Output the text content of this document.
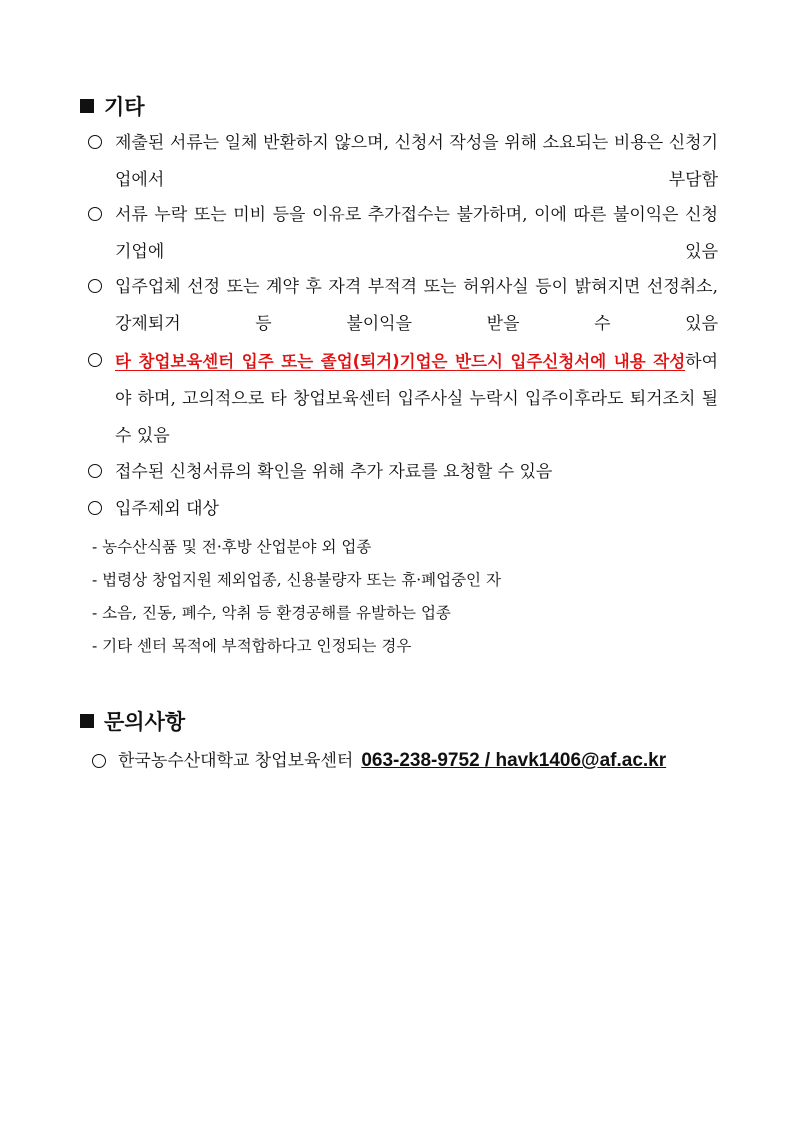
기타
제출된 서류는 일체 반환하지 않으며, 신청서 작성을 위해 소요되는 비용은 신청기업에서 부담함
서류 누락 또는 미비 등을 이유로 추가접수는 불가하며, 이에 따른 불이익은 신청기업에 있음
입주업체 선정 또는 계약 후 자격 부적격 또는 허위사실 등이 밝혀지면 선정취소, 강제퇴거 등 불이익을 받을 수 있음
타 창업보육센터 입주 또는 졸업(퇴거)기업은 반드시 입주신청서에 내용 작성하여야 하며, 고의적으로 타 창업보육센터 입주사실 누락시 입주이후라도 퇴거조치 될 수 있음
접수된 신청서류의 확인을 위해 추가 자료를 요청할 수 있음
입주제외 대상
- 농수산식품 및 전·후방 산업분야 외 업종
- 법령상 창업지원 제외업종, 신용불량자 또는 휴·폐업중인 자
- 소음, 진동, 폐수, 악취 등 환경공해를 유발하는 업종
- 기타 센터 목적에 부적합하다고 인정되는 경우
문의사항
한국농수산대학교 창업보육센터 063-238-9752 / havk1406@af.ac.kr
